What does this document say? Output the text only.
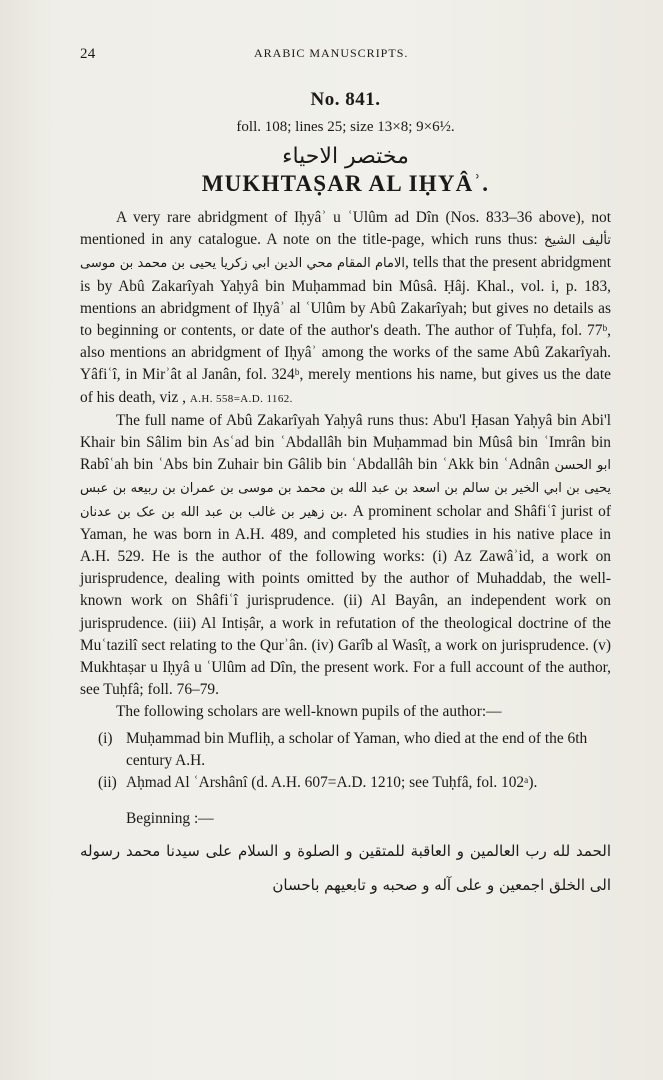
24	ARABIC MANUSCRIPTS.
No. 841.
foll. 108; lines 25; size 13×8; 9×6½.
مختصر الاحياء
MUKHTAṢAR AL IḤYÂʾ.

A very rare abridgment of Iḥyâʾ u ʿUlûm ad Dîn (Nos. 833–36 above), not mentioned in any catalogue. A note on the title-page, which runs thus: تأليف الشيخ الامام المقام محي الدين ابي زكريا يحيى بن محمد بن موسى, tells that the present abridgment is by Abû Zakarîyah Yaḥyâ bin Muḥammad bin Mûsâ. Ḥâj. Khal., vol. i, p. 183, mentions an abridgment of Iḥyâʾ al ʿUlûm by Abû Zakarîyah; but gives no details as to beginning or contents, or date of the author's death. The author of Tuḥfa, fol. 77ᵇ, also mentions an abridgment of Iḥyâʾ among the works of the same Abû Zakarîyah. Yâfiʿî, in Mirʾât al Janân, fol. 324ᵇ, merely mentions his name, but gives us the date of his death, viz , A.H. 558=A.D. 1162.

The full name of Abû Zakarîyah Yaḥyâ runs thus: Abu'l Ḥasan Yaḥyâ bin Abi'l Khair bin Sâlim bin Asʿad bin ʿAbdallâh bin Muḥammad bin Mûsâ bin ʿImrân bin Rabîʿah bin ʿAbs bin Zuhair bin Gâlib bin ʿAbdallâh bin ʿAkk bin ʿAdnân ابو الحسن يحيى بن ابي الخير بن سالم بن اسعد بن عبد الله بن محمد بن موسى بن عمران بن ربيعه بن عبس بن زهير بن غالب بن عبد الله بن عک بن عدنان. A prominent scholar and Shâfiʿî jurist of Yaman, he was born in A.H. 489, and completed his studies in his native place in A.H. 529. He is the author of the following works: (i) Az Zawâʾid, a work on jurisprudence, dealing with points omitted by the author of Muhaddab, the well-known work on Shâfiʿî jurisprudence. (ii) Al Bayân, an independent work on jurisprudence. (iii) Al Intiṣâr, a work in refutation of the theological doctrine of the Muʿtazilî sect relating to the Qurʾân. (iv) Garîb al Wasîṭ, a work on jurisprudence. (v) Mukhtaṣar u Iḥyâ u ʿUlûm ad Dîn, the present work. For a full account of the author, see Tuḥfâ; foll. 76–79.

The following scholars are well-known pupils of the author:—

(i) Muḥammad bin Mufliḥ, a scholar of Yaman, who died at the end of the 6th century A.H.
(ii) Aḥmad Al ʿArshânî (d. A.H. 607=A.D. 1210; see Tuḥfâ, fol. 102ᵃ).
Beginning :—
الحمد لله رب العالمين و العاقبة للمتقين و الصلوة و السلام على سيدنا محمد رسوله الى الخلق اجمعين و على آله و صحبه و تابعيهم باحسان
